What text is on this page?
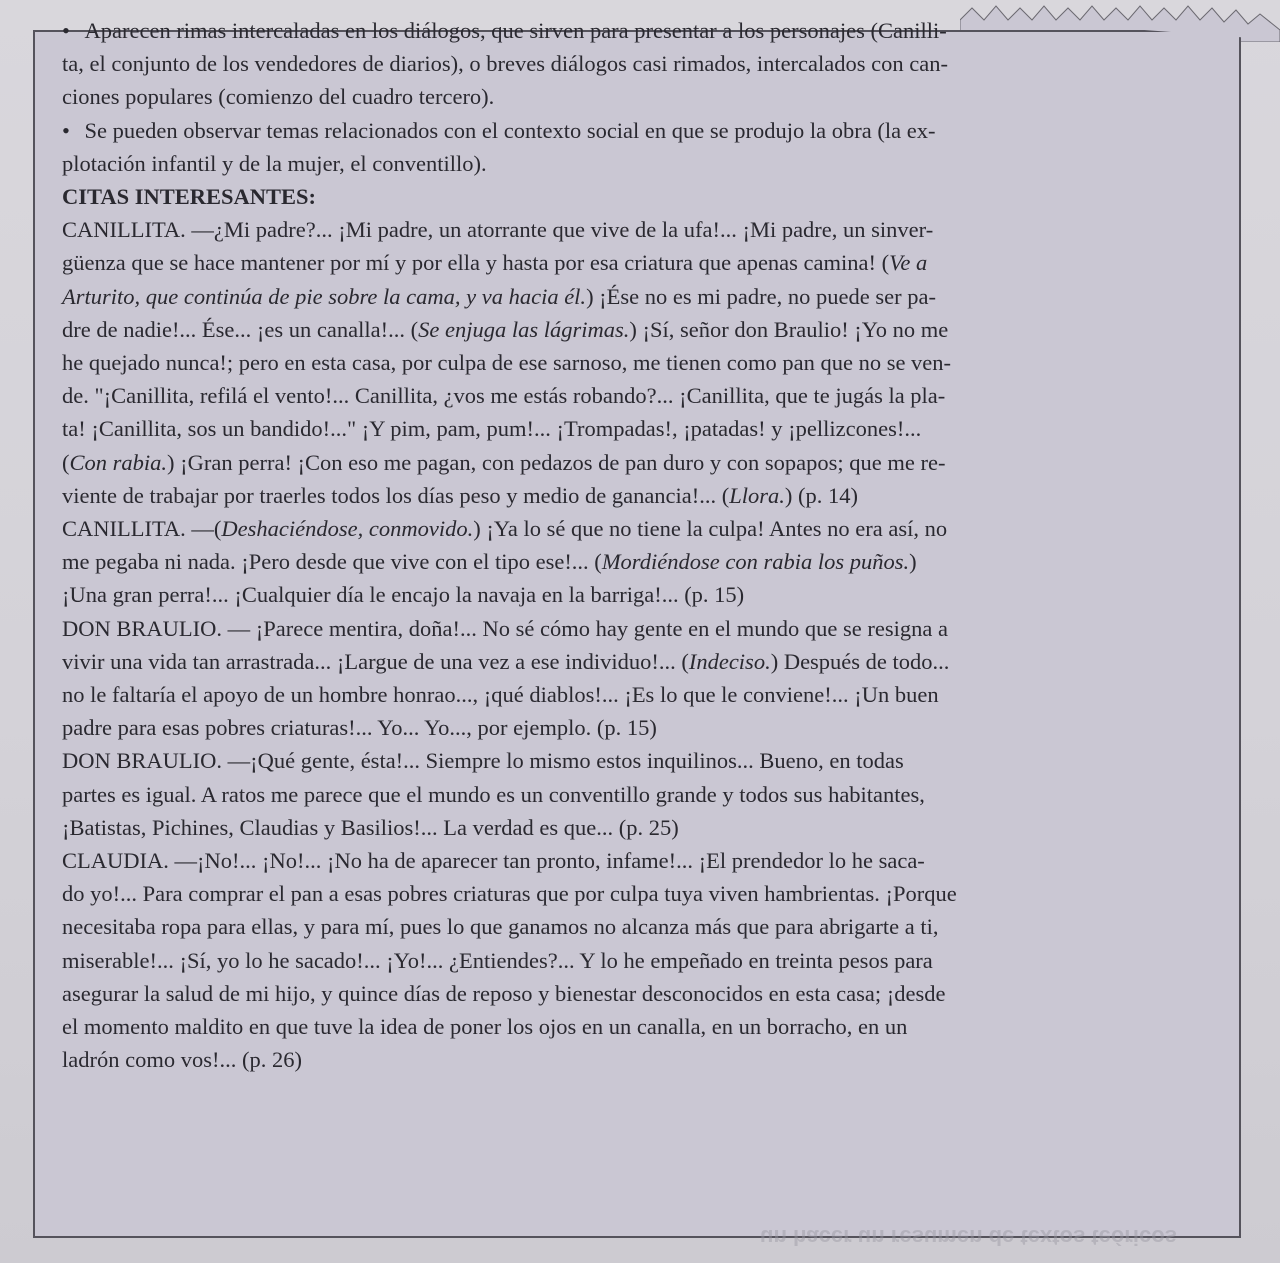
un hacer un resumen de textos teóricos

• Aparecen rimas intercaladas en los diálogos, que sirven para presentar a los personajes (Canilli-
ta, el conjunto de los vendedores de diarios), o breves diálogos casi rimados, intercalados con can-
ciones populares (comienzo del cuadro tercero).

• Se pueden observar temas relacionados con el contexto social en que se produjo la obra (la ex-
plotación infantil y de la mujer, el conventillo).

CITAS INTERESANTES:

CANILLITA. —¿Mi padre?... ¡Mi padre, un atorrante que vive de la ufa!... ¡Mi padre, un sinver-
güenza que se hace mantener por mí y por ella y hasta por esa criatura que apenas camina! (Ve a
Arturito, que continúa de pie sobre la cama, y va hacia él.) ¡Ése no es mi padre, no puede ser pa-
dre de nadie!... Ése... ¡es un canalla!... (Se enjuga las lágrimas.) ¡Sí, señor don Braulio! ¡Yo no me
he quejado nunca!; pero en esta casa, por culpa de ese sarnoso, me tienen como pan que no se ven-
de. "¡Canillita, refilá el vento!... Canillita, ¿vos me estás robando?... ¡Canillita, que te jugás la pla-
ta! ¡Canillita, sos un bandido!..." ¡Y pim, pam, pum!... ¡Trompadas!, ¡patadas! y ¡pellizcones!...
(Con rabia.) ¡Gran perra! ¡Con eso me pagan, con pedazos de pan duro y con sopapos; que me re-
viente de trabajar por traerles todos los días peso y medio de ganancia!... (Llora.) (p. 14)

CANILLITA. —(Deshaciéndose, conmovido.) ¡Ya lo sé que no tiene la culpa! Antes no era así, no
me pegaba ni nada. ¡Pero desde que vive con el tipo ese!... (Mordiéndose con rabia los puños.)
¡Una gran perra!... ¡Cualquier día le encajo la navaja en la barriga!... (p. 15)

DON BRAULIO. — ¡Parece mentira, doña!... No sé cómo hay gente en el mundo que se resigna a
vivir una vida tan arrastrada... ¡Largue de una vez a ese individuo!... (Indeciso.) Después de todo...
no le faltaría el apoyo de un hombre honrao..., ¡qué diablos!... ¡Es lo que le conviene!... ¡Un buen
padre para esas pobres criaturas!... Yo... Yo..., por ejemplo. (p. 15)

DON BRAULIO. —¡Qué gente, ésta!... Siempre lo mismo estos inquilinos... Bueno, en todas
partes es igual. A ratos me parece que el mundo es un conventillo grande y todos sus habitantes,
¡Batistas, Pichines, Claudias y Basilios!... La verdad es que... (p. 25)

CLAUDIA. —¡No!... ¡No!... ¡No ha de aparecer tan pronto, infame!... ¡El prendedor lo he saca-
do yo!... Para comprar el pan a esas pobres criaturas que por culpa tuya viven hambrientas. ¡Porque
necesitaba ropa para ellas, y para mí, pues lo que ganamos no alcanza más que para abrigarte a ti,
miserable!... ¡Sí, yo lo he sacado!... ¡Yo!... ¿Entiendes?... Y lo he empeñado en treinta pesos para
asegurar la salud de mi hijo, y quince días de reposo y bienestar desconocidos en esta casa; ¡desde
el momento maldito en que tuve la idea de poner los ojos en un canalla, en un borracho, en un
ladrón como vos!... (p. 26)
